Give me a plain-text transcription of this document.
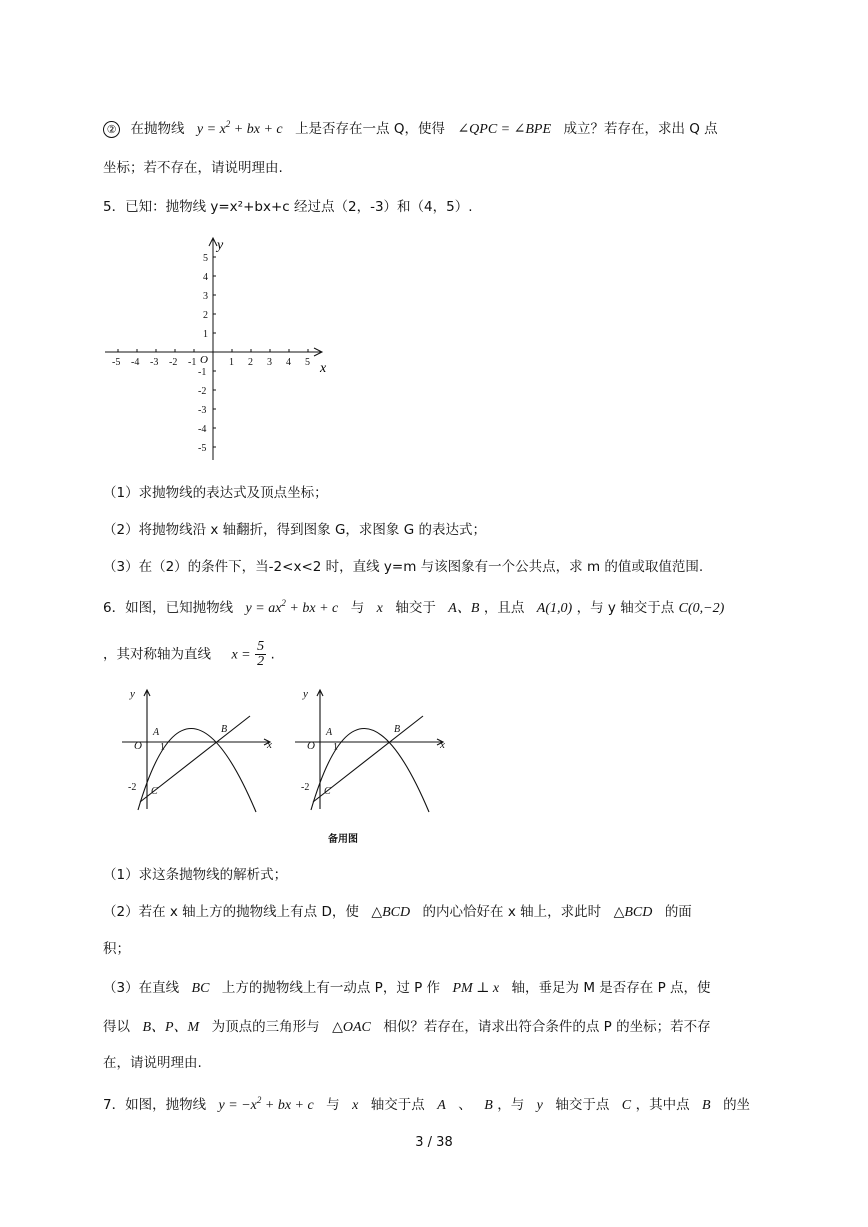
② 在抛物线 $y = x^2$ + bx + c 上是否存在一点 Q，使得 ∠QPC = ∠BPE 成立？若存在，求出 Q 点
坐标；若不存在，请说明理由.
5．已知：抛物线 y=x²+bx+c 经过点（2，-3）和（4，5）.
-5 -4 -3 -2 -1	1 2 3 4 5
5
4
3
2
1
-1
-2
-3
-4
-5
x
y
O
（1）求抛物线的表达式及顶点坐标；
（2）将抛物线沿 x 轴翻折，得到图象 G，求图象 G 的表达式；
（3）在（2）的条件下，当-2<x<2 时，直线 y=m 与该图象有一个公共点，求 m 的值或取值范围.
6．如图，已知抛物线 $y = ax^2$ + bx + c 与 x 轴交于 A、B ，且点 A(1,0) ，与 y 轴交于点 C(0,−2)
，其对称轴为直线 $x = \frac{5}{2}$ .
y
x
O
A	B
C
1
-2
y
x
O
A	B
C
1
-2
备用图
（1）求这条抛物线的解析式；
（2）若在 x 轴上方的抛物线上有点 D，使 △BCD 的内心恰好在 x 轴上，求此时 △BCD 的面
积；
（3）在直线 BC 上方的抛物线上有一动点 P，过 P 作 PM ⊥ x 轴，垂足为 M 是否存在 P 点，使
得以 B、P、M 为顶点的三角形与 △OAC 相似？若存在，请求出符合条件的点 P 的坐标；若不存
在，请说明理由.
7．如图，抛物线 $y = -x^2$ + bx + c 与 x 轴交于点 A 、 B ，与 y 轴交于点 C ，其中点 B 的坐
3 / 38
